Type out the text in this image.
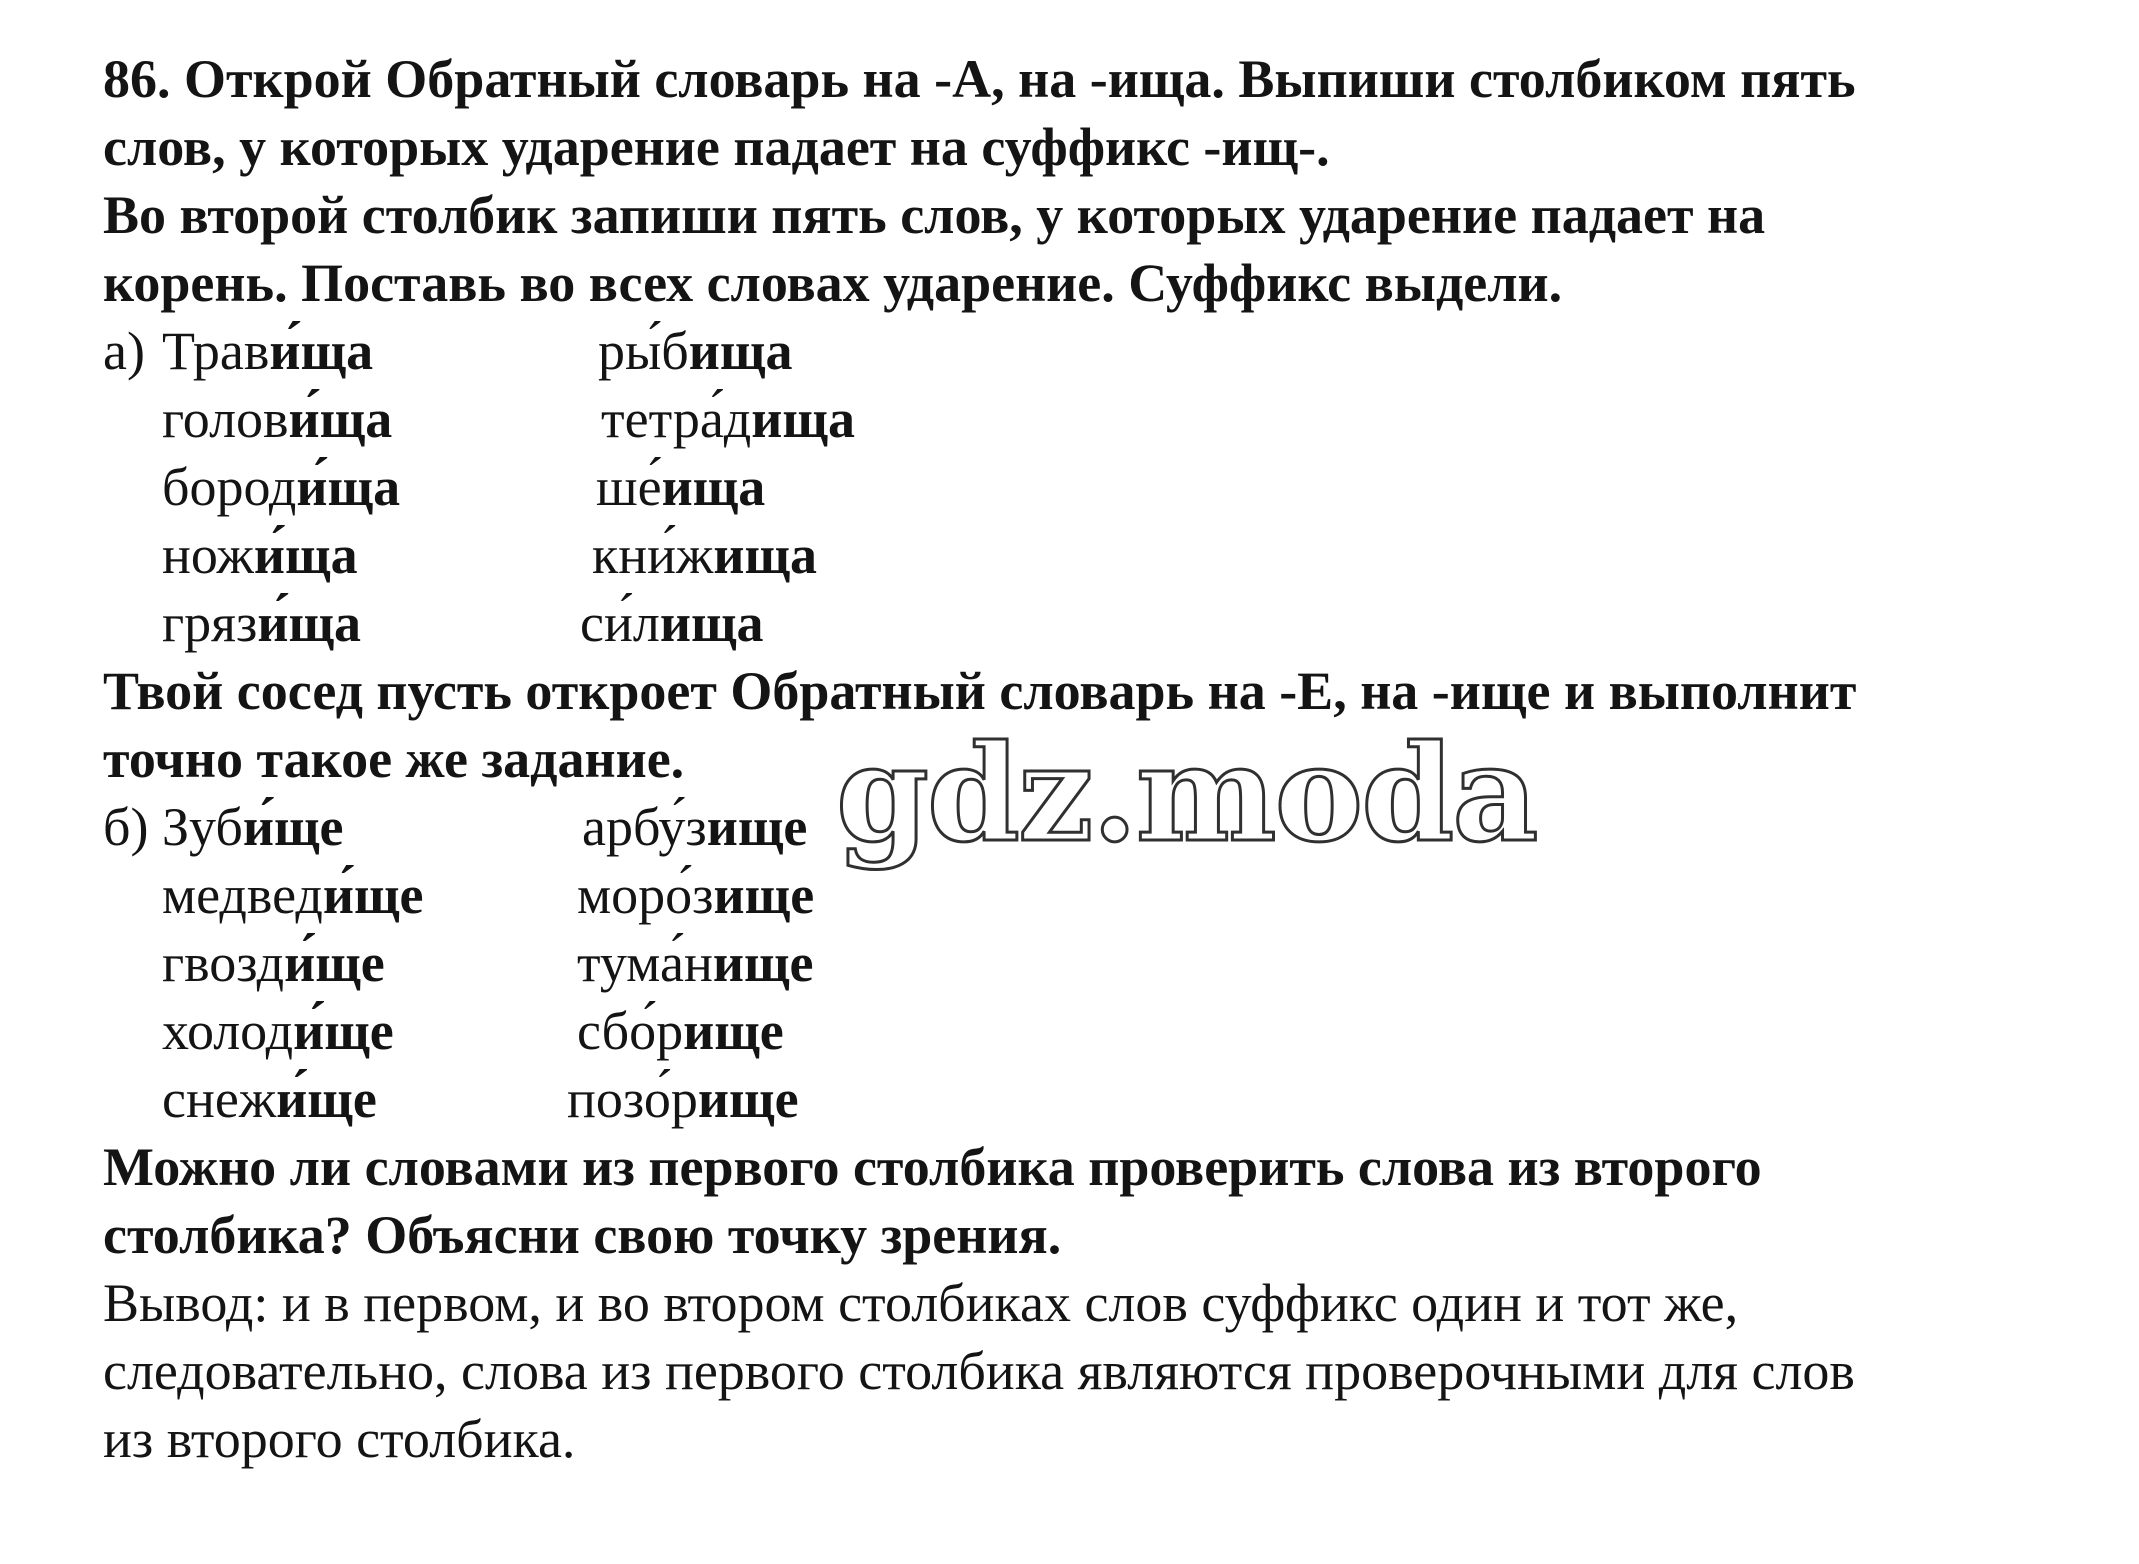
86. Открой Обратный словарь на -А, на -ища. Выпиши столбиком пять
слов, у которых ударение падает на суффикс -ищ-.
Во второй столбик запиши пять слов, у которых ударение падает на
корень. Поставь во всех словах ударение. Суффикс выдели.
а) Трави́ща
голови́ща
бороди́ща
ножи́ща
грязи́ща
ры́бища
тетра́дища
ше́ища
кни́жища
си́лища
Твой сосед пусть откроет Обратный словарь на -Е, на -ище и выполнит
точно такое же задание.
б) Зуби́ще
медведи́ще
гвозди́ще
холоди́ще
снежи́ще
арбу́зище
моро́зище
тума́нище
сбо́рище
позо́рище
Можно ли словами из первого столбика проверить слова из второго
столбика? Объясни свою точку зрения.
Вывод: и в первом, и во втором столбиках слов суффикс один и тот же,
следовательно, слова из первого столбика являются проверочными для слов
из второго столбика.
gdz.moda
